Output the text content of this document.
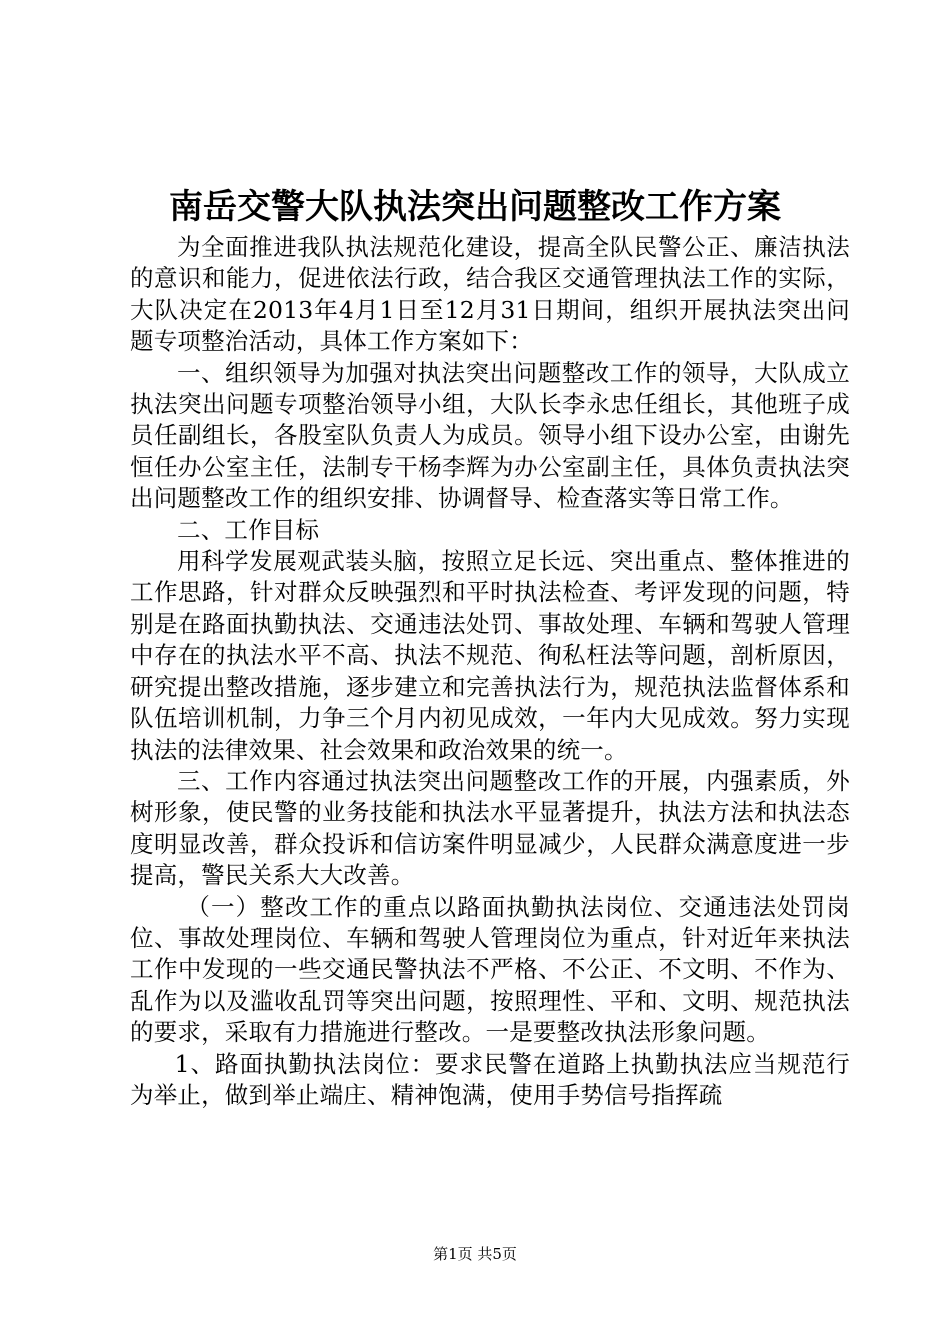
南岳交警大队执法突出问题整改工作方案

为全面推进我队执法规范化建设，提高全队民警公正、廉洁执法的意识和能力，促进依法行政，结合我区交通管理执法工作的实际，大队决定在2013年4月1日至12月31日期间，组织开展执法突出问题专项整治活动，具体工作方案如下：

一、组织领导为加强对执法突出问题整改工作的领导，大队成立执法突出问题专项整治领导小组，大队长李永忠任组长，其他班子成员任副组长，各股室队负责人为成员。领导小组下设办公室，由谢先恒任办公室主任，法制专干杨李辉为办公室副主任，具体负责执法突出问题整改工作的组织安排、协调督导、检查落实等日常工作。

二、工作目标

用科学发展观武装头脑，按照立足长远、突出重点、整体推进的工作思路，针对群众反映强烈和平时执法检查、考评发现的问题，特别是在路面执勤执法、交通违法处罚、事故处理、车辆和驾驶人管理中存在的执法水平不高、执法不规范、徇私枉法等问题，剖析原因，研究提出整改措施，逐步建立和完善执法行为，规范执法监督体系和队伍培训机制，力争三个月内初见成效，一年内大见成效。努力实现执法的法律效果、社会效果和政治效果的统一。

三、工作内容通过执法突出问题整改工作的开展，内强素质，外树形象，使民警的业务技能和执法水平显著提升，执法方法和执法态度明显改善，群众投诉和信访案件明显减少，人民群众满意度进一步提高，警民关系大大改善。

（一）整改工作的重点以路面执勤执法岗位、交通违法处罚岗位、事故处理岗位、车辆和驾驶人管理岗位为重点，针对近年来执法工作中发现的一些交通民警执法不严格、不公正、不文明、不作为、乱作为以及滥收乱罚等突出问题，按照理性、平和、文明、规范执法的要求，采取有力措施进行整改。一是要整改执法形象问题。

1、路面执勤执法岗位：要求民警在道路上执勤执法应当规范行为举止，做到举止端庄、精神饱满，使用手势信号指挥疏

第1页 共5页
